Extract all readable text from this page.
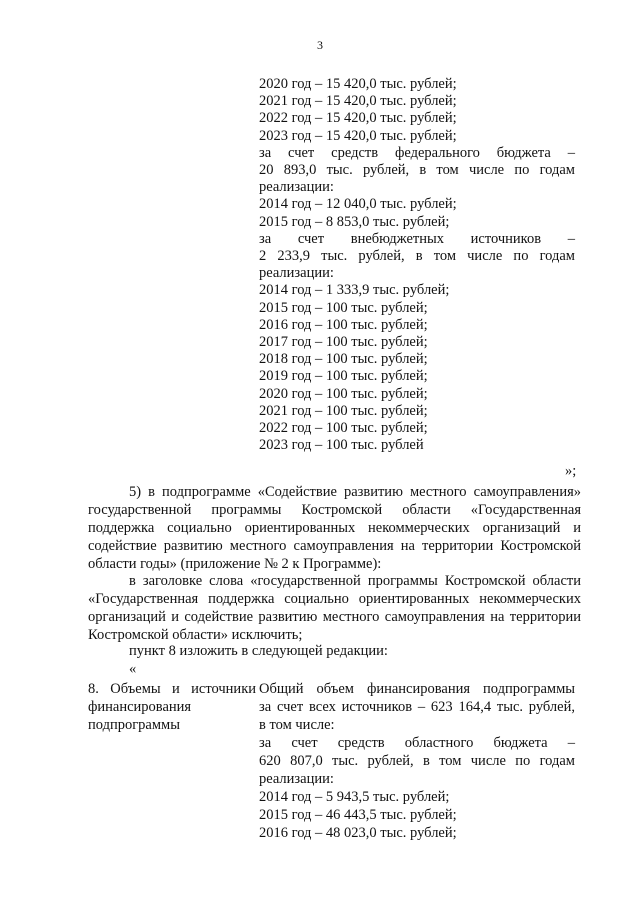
3
2020 год – 15 420,0 тыс. рублей;
2021 год – 15 420,0 тыс. рублей;
2022 год – 15 420,0 тыс. рублей;
2023 год – 15 420,0 тыс. рублей;
за счет средств федерального бюджета –
20 893,0 тыс. рублей, в том числе по годам
реализации:
2014 год – 12 040,0 тыс. рублей;
2015 год – 8 853,0 тыс. рублей;
за счет внебюджетных источников –
2 233,9 тыс. рублей, в том числе по годам
реализации:
2014 год – 1 333,9 тыс. рублей;
2015 год – 100 тыс. рублей;
2016 год – 100 тыс. рублей;
2017 год – 100 тыс. рублей;
2018 год – 100 тыс. рублей;
2019 год – 100 тыс. рублей;
2020 год – 100 тыс. рублей;
2021 год – 100 тыс. рублей;
2022 год – 100 тыс. рублей;
2023 год – 100 тыс. рублей
»;
5) в подпрограмме «Содействие развитию местного самоуправления» государственной программы Костромской области «Государственная поддержка социально ориентированных некоммерческих организаций и содействие развитию местного самоуправления на территории Костромской области годы» (приложение № 2 к Программе):
в заголовке слова «государственной программы Костромской области «Государственная поддержка социально ориентированных некоммерческих организаций и содействие развитию местного самоуправления на территории Костромской области» исключить;
пункт 8 изложить в следующей редакции:
«
8. Объемы и источники
финансирования
подпрограммы
Общий объем финансирования подпрограммы
за счет всех источников – 623 164,4 тыс. рублей,
в том числе:
за счет средств областного бюджета –
620 807,0 тыс. рублей, в том числе по годам
реализации:
2014 год – 5 943,5 тыс. рублей;
2015 год – 46 443,5 тыс. рублей;
2016 год – 48 023,0 тыс. рублей;
